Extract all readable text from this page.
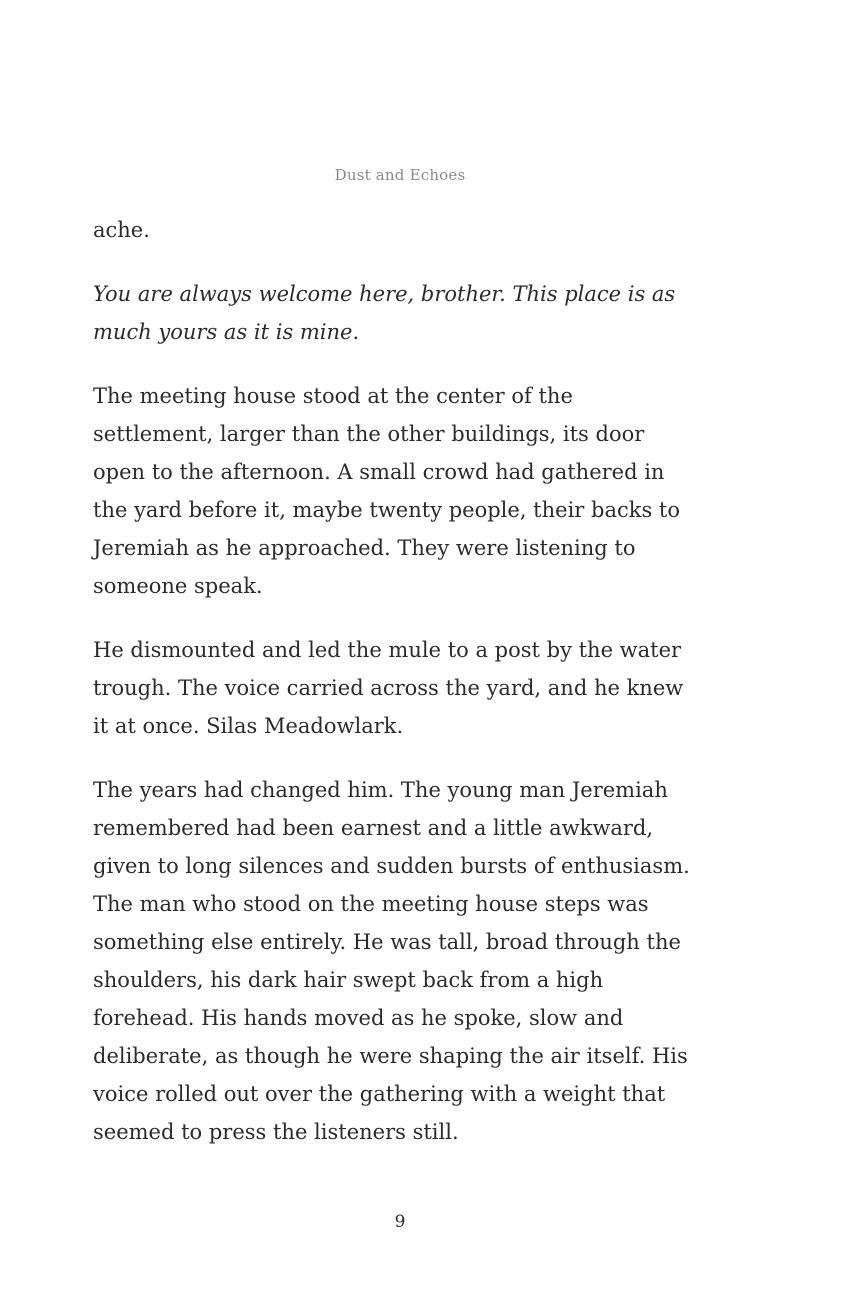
Dust and Echoes

ache.

You are always welcome here, brother. This place is as
much yours as it is mine.

The meeting house stood at the center of the
settlement, larger than the other buildings, its door
open to the afternoon. A small crowd had gathered in
the yard before it, maybe twenty people, their backs to
Jeremiah as he approached. They were listening to
someone speak.

He dismounted and led the mule to a post by the water
trough. The voice carried across the yard, and he knew
it at once. Silas Meadowlark.

The years had changed him. The young man Jeremiah
remembered had been earnest and a little awkward,
given to long silences and sudden bursts of enthusiasm.
The man who stood on the meeting house steps was
something else entirely. He was tall, broad through the
shoulders, his dark hair swept back from a high
forehead. His hands moved as he spoke, slow and
deliberate, as though he were shaping the air itself. His
voice rolled out over the gathering with a weight that
seemed to press the listeners still.

9
